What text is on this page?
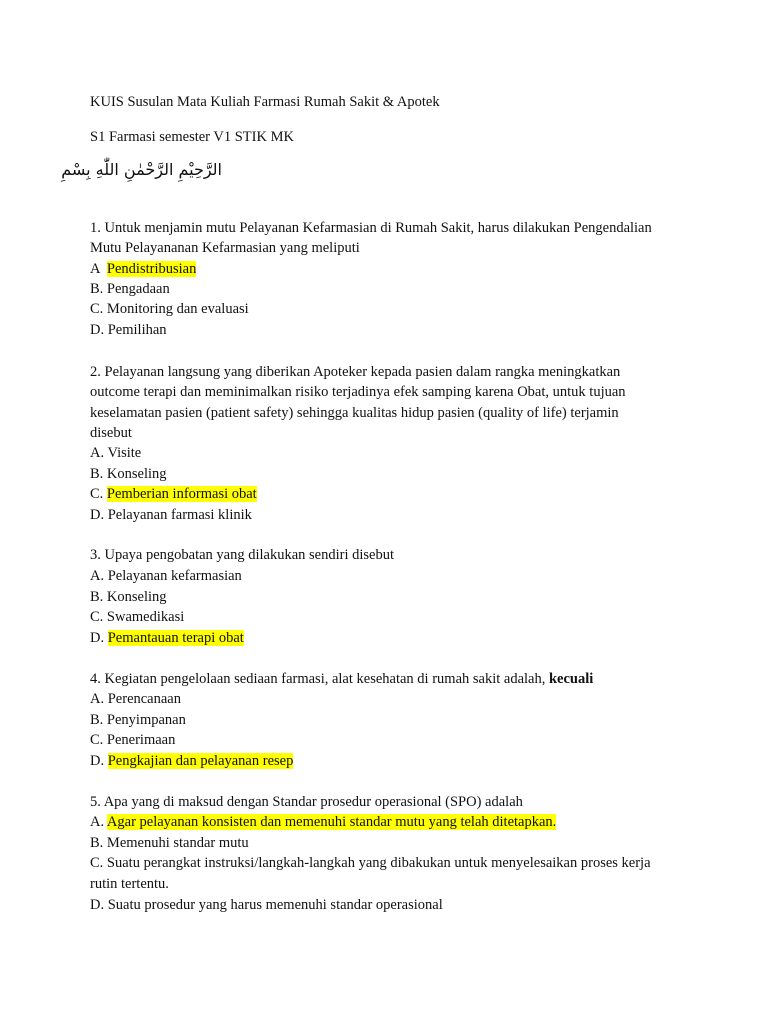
KUIS Susulan Mata Kuliah Farmasi Rumah Sakit & Apotek
S1 Farmasi semester V1 STIK MK
الرَّحِيْمِ الرَّحْمٰنِ اللّٰهِ بِسْمِ
1. Untuk menjamin mutu Pelayanan Kefarmasian di Rumah Sakit, harus dilakukan Pengendalian
Mutu Pelayananan Kefarmasian yang meliputi
A  Pendistribusian
B. Pengadaan
C. Monitoring dan evaluasi
D. Pemilihan
2. Pelayanan langsung yang diberikan Apoteker kepada pasien dalam rangka meningkatkan
outcome terapi dan meminimalkan risiko terjadinya efek samping karena Obat, untuk tujuan
keselamatan pasien (patient safety) sehingga kualitas hidup pasien (quality of life) terjamin
disebut
A. Visite
B. Konseling
C. Pemberian informasi obat
D. Pelayanan farmasi klinik
3. Upaya pengobatan yang dilakukan sendiri disebut
A. Pelayanan kefarmasian
B. Konseling
C. Swamedikasi
D. Pemantauan terapi obat
4. Kegiatan pengelolaan sediaan farmasi, alat kesehatan di rumah sakit adalah, kecuali
A. Perencanaan
B. Penyimpanan
C. Penerimaan
D. Pengkajian dan pelayanan resep
5. Apa yang di maksud dengan Standar prosedur operasional (SPO) adalah
A. Agar pelayanan konsisten dan memenuhi standar mutu yang telah ditetapkan.
B. Memenuhi standar mutu
C. Suatu perangkat instruksi/langkah-langkah yang dibakukan untuk menyelesaikan proses kerja
rutin tertentu.
D. Suatu prosedur yang harus memenuhi standar operasional
